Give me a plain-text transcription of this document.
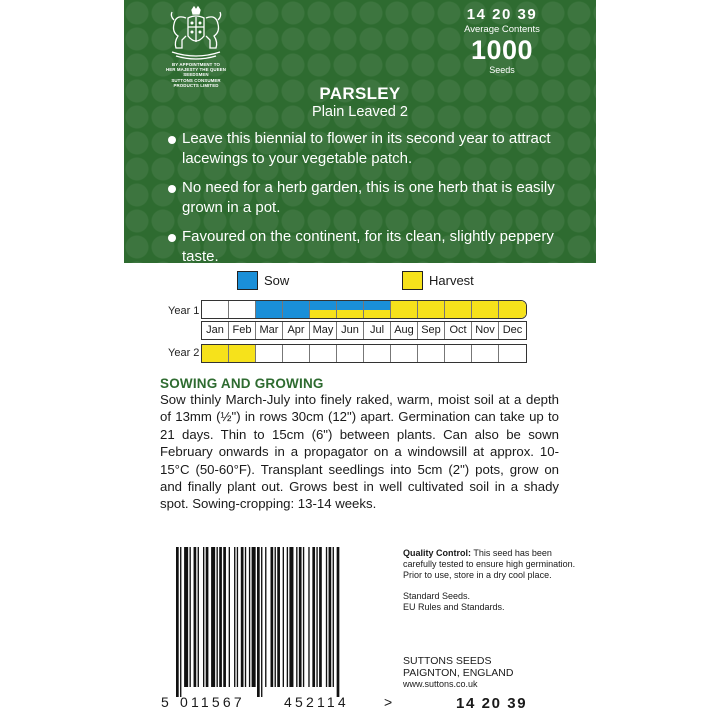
BY APPOINTMENT TO
HER MAJESTY THE QUEEN
SEEDSMEN
SUTTONS CONSUMER
PRODUCTS LIMITED
14 20 39
Average Contents
1000
Seeds
PARSLEY
Plain Leaved 2
Leave this biennial to flower in its second year to attract lacewings to your vegetable patch.
No need for a herb garden, this is one herb that is easily grown in a pot.
Favoured on the continent, for its clean, slightly peppery taste.
Sow	Harvest
Year 1
Jan Feb Mar Apr May Jun	Jul Aug Sep Oct Nov Dec
Year 2
SOWING AND GROWING
Sow thinly March-July into finely raked, warm, moist soil at a depth of 13mm (½") in rows 30cm (12") apart. Germination can take up to 21 days. Thin to 15cm (6") between plants. Can also be sown February onwards in a propagator on a windowsill at approx. 10-15°C (50-60°F). Transplant seedlings into 5cm (2") pots, grow on and finally plant out. Grows best in well cultivated soil in a shady spot. Sowing-cropping: 13-14 weeks.
5 011567	452114	>

Quality Control: This seed has been carefully tested to ensure high germination. Prior to use, store in a dry cool place.

Standard Seeds.
EU Rules and Standards.
SUTTONS SEEDS
PAIGNTON, ENGLAND
www.suttons.co.uk
14 20 39
